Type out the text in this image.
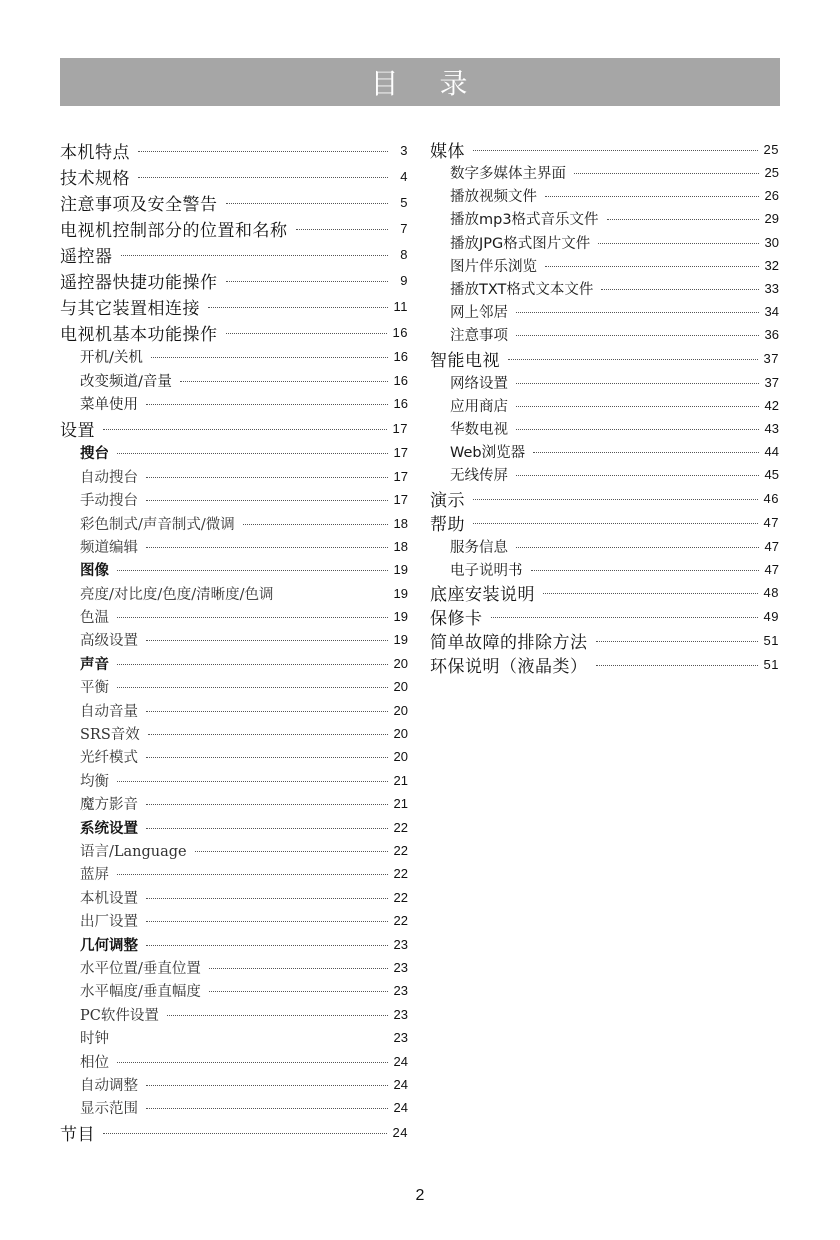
目 录
本机特点	3
技术规格	4
注意事项及安全警告	5
电视机控制部分的位置和名称	7
遥控器	8
遥控器快捷功能操作	9
与其它装置相连接	11
电视机基本功能操作	16
开机/关机	16
改变频道/音量	16
菜单使用	16
设置	17
搜台	17
自动搜台	17
手动搜台	17
彩色制式/声音制式/微调	18
频道编辑	18
图像	19
亮度/对比度/色度/清晰度/色调	19
色温	19
高级设置	19
声音	20
平衡	20
自动音量	20
SRS音效	20
光纤模式	20
均衡	21
魔方影音	21
系统设置	22
语言/Language	22
蓝屏	22
本机设置	22
出厂设置	22
几何调整	23
水平位置/垂直位置	23
水平幅度/垂直幅度	23
PC软件设置	23
时钟	23
相位	24
自动调整	24
显示范围	24
节目	24
媒体	25
数字多媒体主界面	25
播放视频文件	26
播放mp3格式音乐文件	29
播放JPG格式图片文件	30
图片伴乐浏览	32
播放TXT格式文本文件	33
网上邻居	34
注意事项	36
智能电视	37
网络设置	37
应用商店	42
华数电视	43
Web浏览器	44
无线传屏	45
演示	46
帮助	47
服务信息	47
电子说明书	47
底座安装说明	48
保修卡	49
简单故障的排除方法	51
环保说明（液晶类）	51
2
